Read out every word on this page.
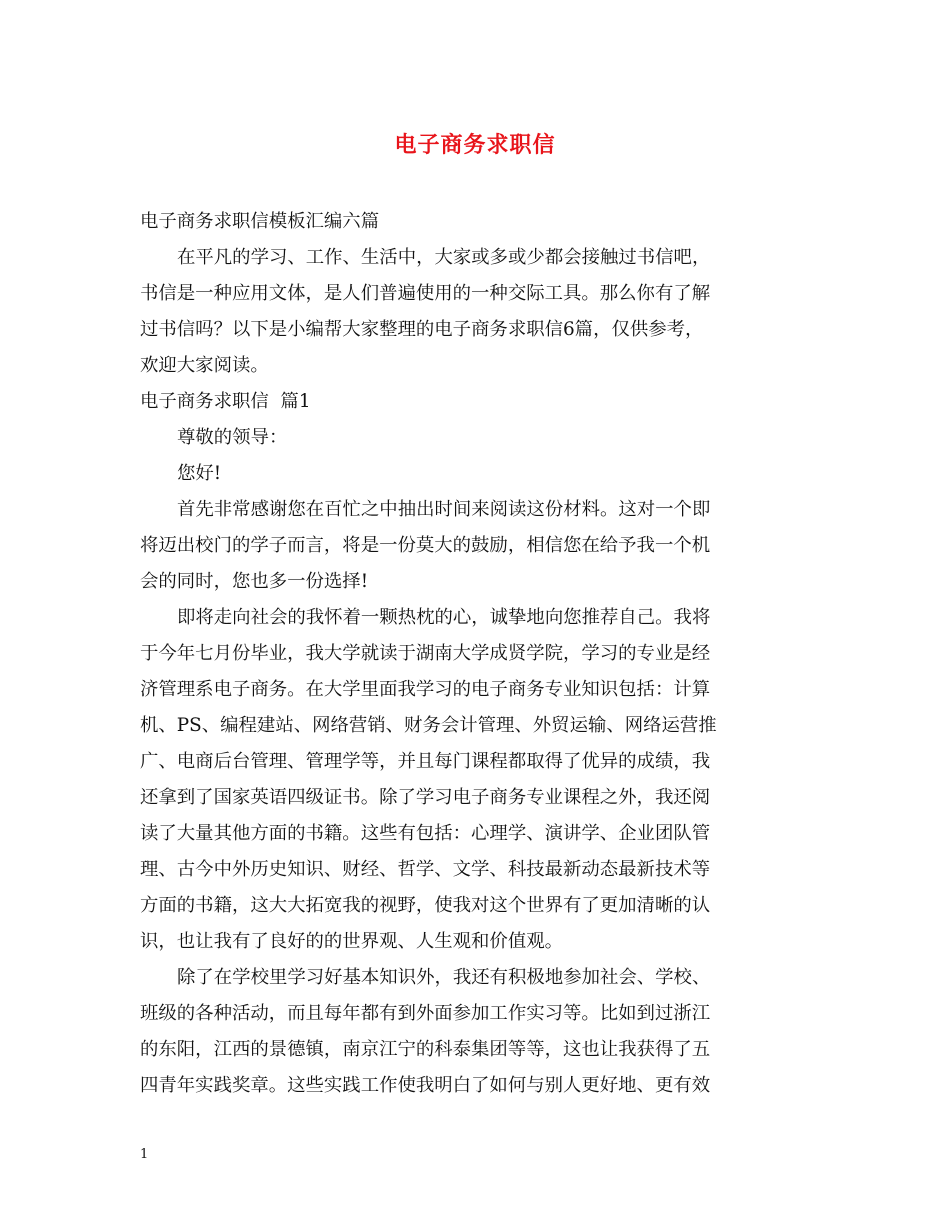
电子商务求职信
电子商务求职信模板汇编六篇
在平凡的学习、工作、生活中，大家或多或少都会接触过书信吧，
书信是一种应用文体，是人们普遍使用的一种交际工具。那么你有了解
过书信吗？以下是小编帮大家整理的电子商务求职信6篇，仅供参考，
欢迎大家阅读。
电子商务求职信  篇1
尊敬的领导：
您好!
首先非常感谢您在百忙之中抽出时间来阅读这份材料。这对一个即
将迈出校门的学子而言，将是一份莫大的鼓励，相信您在给予我一个机
会的同时，您也多一份选择!
即将走向社会的我怀着一颗热枕的心，诚挚地向您推荐自己。我将
于今年七月份毕业，我大学就读于湖南大学成贤学院，学习的专业是经
济管理系电子商务。在大学里面我学习的电子商务专业知识包括：计算
机、PS、编程建站、网络营销、财务会计管理、外贸运输、网络运营推
广、电商后台管理、管理学等，并且每门课程都取得了优异的成绩，我
还拿到了国家英语四级证书。除了学习电子商务专业课程之外，我还阅
读了大量其他方面的书籍。这些有包括：心理学、演讲学、企业团队管
理、古今中外历史知识、财经、哲学、文学、科技最新动态最新技术等
方面的书籍，这大大拓宽我的视野，使我对这个世界有了更加清晰的认
识，也让我有了良好的的世界观、人生观和价值观。
除了在学校里学习好基本知识外，我还有积极地参加社会、学校、
班级的各种活动，而且每年都有到外面参加工作实习等。比如到过浙江
的东阳，江西的景德镇，南京江宁的科泰集团等等，这也让我获得了五
四青年实践奖章。这些实践工作使我明白了如何与别人更好地、更有效
1
